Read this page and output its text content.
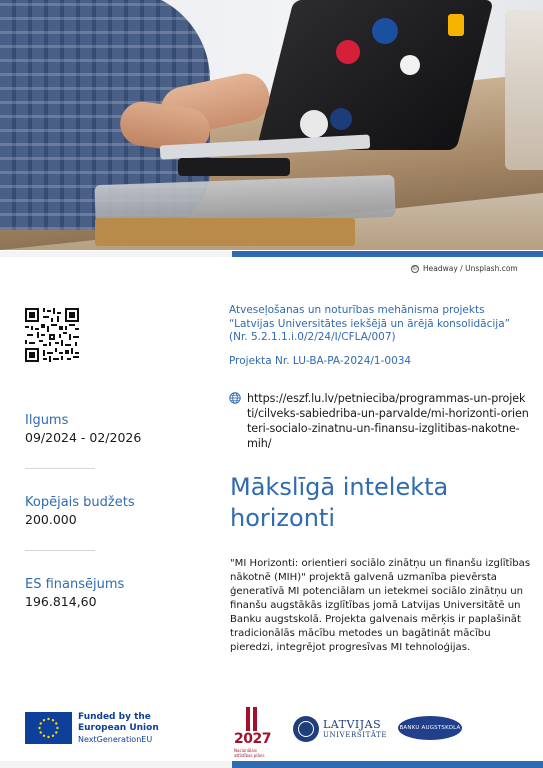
© Headway / Unsplash.com
Ilgums
09/2024 - 02/2026
Kopējais budžets
200.000
ES finansējums
196.814,60
Atveseļošanas un noturības mehānisma projekts
“Latvijas Universitātes iekšējā un ārējā konsolidācija”
(Nr. 5.2.1.1.i.0/2/24/I/CFLA/007)
Projekta Nr. LU-BA-PA-2024/1-0034
https://eszf.lu.lv/petnieciba/programmas-un-projekti/cilveks-sabiedriba-un-parvalde/mi-horizonti-orienteri-socialo-zinatnu-un-finansu-izglitibas-nakotne-mih/
Mākslīgā intelekta horizonti
"MI Horizonti: orientieri sociālo zinātņu un finanšu izglītības nākotnē (MIH)" projektā galvenā uzmanība pievērsta ģeneratīvā MI potenciālam un ietekmei sociālo zinātņu un finanšu augstākās izglītības jomā Latvijas Universitātē un Banku augstskolā. Projekta galvenais mērķis ir paplašināt tradicionālās mācību metodes un bagātināt mācību pieredzi, integrējot progresīvas MI tehnoloģijas.
Funded by the
European Union
NextGenerationEU	2027
Nacionālais attīstības plāns
LATVIJAS
UNIVERSITĀTE
BANKU AUGSTSKOLA
